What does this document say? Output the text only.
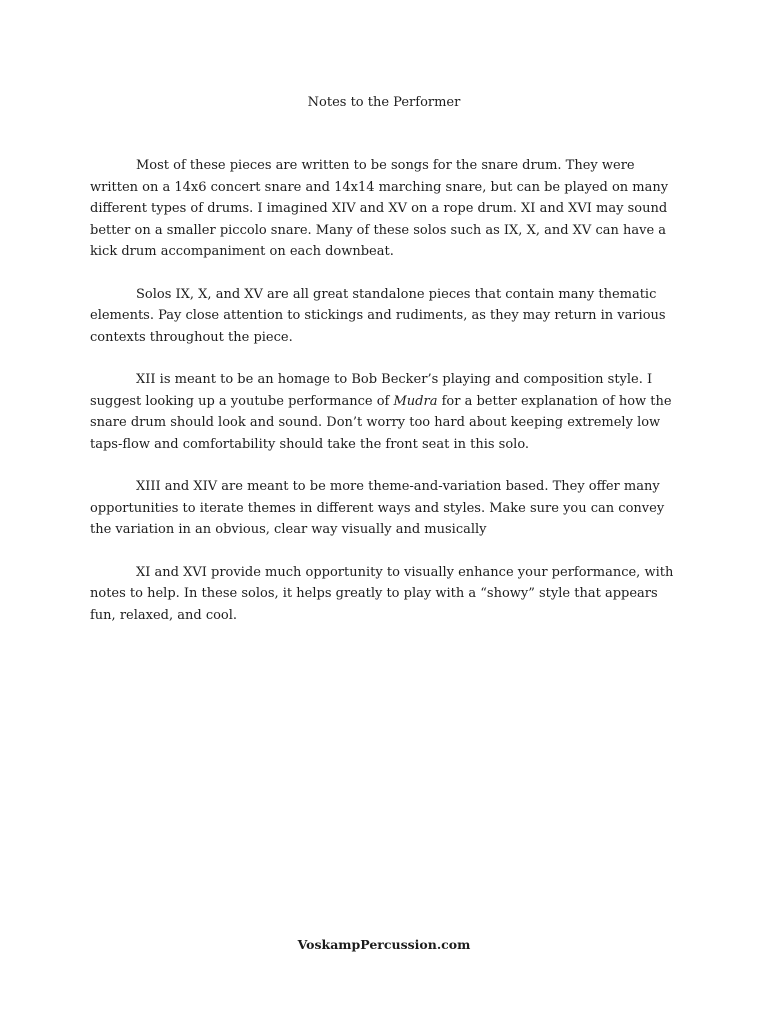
Notes to the Performer

Most of these pieces are written to be songs for the snare drum. They were written on a 14x6 concert snare and 14x14 marching snare, but can be played on many different types of drums. I imagined XIV and XV on a rope drum. XI and XVI may sound better on a smaller piccolo snare. Many of these solos such as IX, X, and XV can have a kick drum accompaniment on each downbeat.

Solos IX, X, and XV are all great standalone pieces that contain many thematic elements. Pay close attention to stickings and rudiments, as they may return in various contexts throughout the piece.

XII is meant to be an homage to Bob Becker’s playing and composition style. I suggest looking up a youtube performance of Mudra for a better explanation of how the snare drum should look and sound. Don’t worry too hard about keeping extremely low taps-flow and comfortability should take the front seat in this solo.

XIII and XIV are meant to be more theme-and-variation based. They offer many opportunities to iterate themes in different ways and styles. Make sure you can convey the variation in an obvious, clear way visually and musically

XI and XVI provide much opportunity to visually enhance your performance, with notes to help. In these solos, it helps greatly to play with a “showy” style that appears fun, relaxed, and cool.

VoskampPercussion.com
